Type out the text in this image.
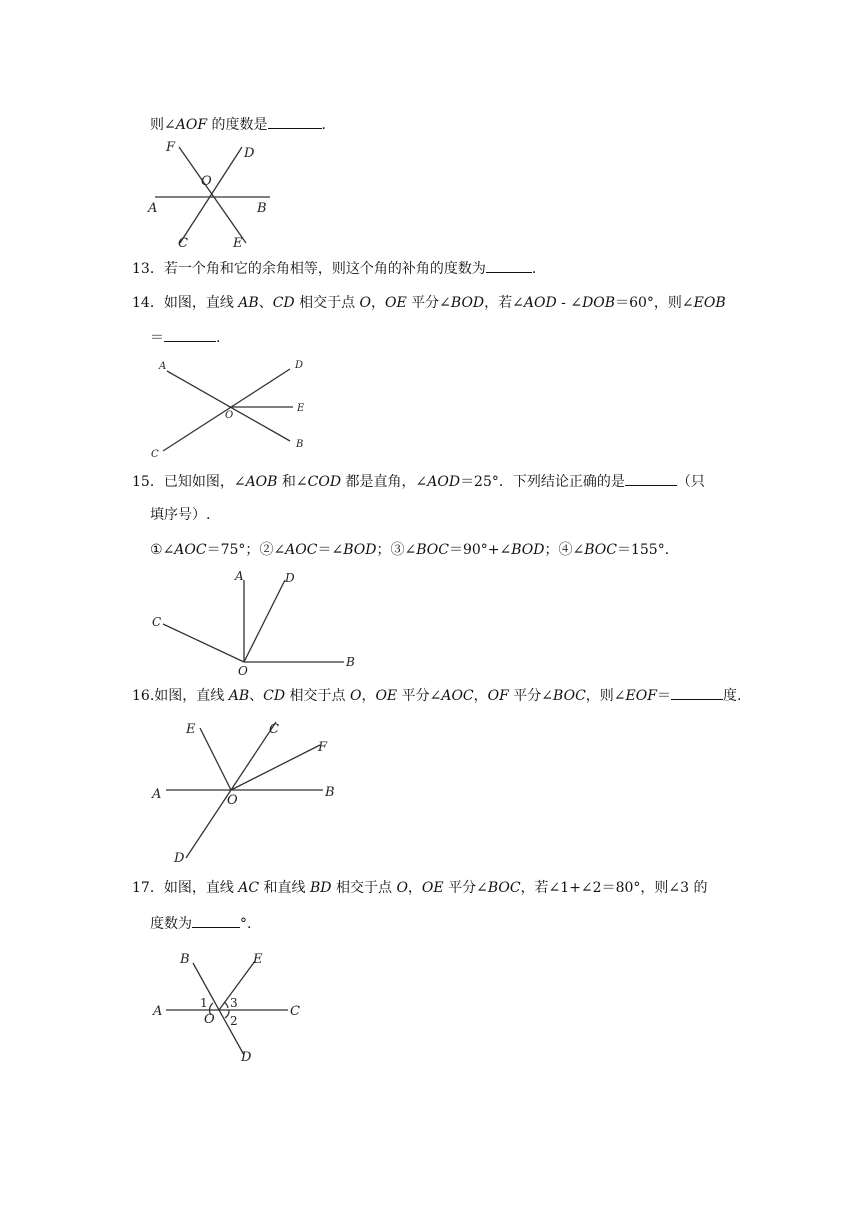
则∠AOF 的度数是	.
F	D
O
A	B
C	E
13．若一个角和它的余角相等，则这个角的补角的度数为	.
14．如图，直线 AB、CD 相交于点 O，OE 平分∠BOD，若∠AOD - ∠DOB＝60°，则∠EOB
＝	.
A	D
O
E
C
B
15．已知如图，∠AOB 和∠COD 都是直角，∠AOD＝25°．下列结论正确的是	（只
填序号）.
①∠AOC＝75°；②∠AOC＝∠BOD；③∠BOC＝90°+∠BOD；④∠BOC＝155°．
A	D
C
O
B
16.如图，直线 AB、CD 相交于点 O，OE 平分∠AOC，OF 平分∠BOC，则∠EOF＝	度.
E	C
F
A	O
B
D
17．如图，直线 AC 和直线 BD 相交于点 O，OE 平分∠BOC，若∠1+∠2＝80°，则∠3 的
度数为	°.
B	E
A
1 3
O 2
C
D
